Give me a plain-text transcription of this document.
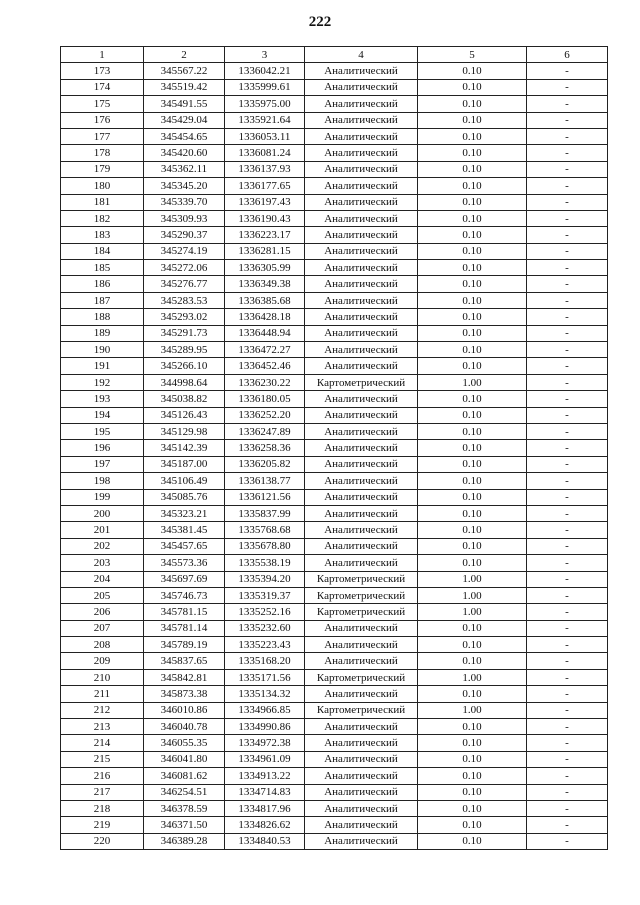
222
1	2	3	4	5	6
173	345567.22	1336042.21	Аналитический	0.10	-
174	345519.42	1335999.61	Аналитический	0.10	-
175	345491.55	1335975.00	Аналитический	0.10	-
176	345429.04	1335921.64	Аналитический	0.10	-
177	345454.65	1336053.11	Аналитический	0.10	-
178	345420.60	1336081.24	Аналитический	0.10	-
179	345362.11	1336137.93	Аналитический	0.10	-
180	345345.20	1336177.65	Аналитический	0.10	-
181	345339.70	1336197.43	Аналитический	0.10	-
182	345309.93	1336190.43	Аналитический	0.10	-
183	345290.37	1336223.17	Аналитический	0.10	-
184	345274.19	1336281.15	Аналитический	0.10	-
185	345272.06	1336305.99	Аналитический	0.10	-
186	345276.77	1336349.38	Аналитический	0.10	-
187	345283.53	1336385.68	Аналитический	0.10	-
188	345293.02	1336428.18	Аналитический	0.10	-
189	345291.73	1336448.94	Аналитический	0.10	-
190	345289.95	1336472.27	Аналитический	0.10	-
191	345266.10	1336452.46	Аналитический	0.10	-
192	344998.64	1336230.22	Картометрический	1.00	-
193	345038.82	1336180.05	Аналитический	0.10	-
194	345126.43	1336252.20	Аналитический	0.10	-
195	345129.98	1336247.89	Аналитический	0.10	-
196	345142.39	1336258.36	Аналитический	0.10	-
197	345187.00	1336205.82	Аналитический	0.10	-
198	345106.49	1336138.77	Аналитический	0.10	-
199	345085.76	1336121.56	Аналитический	0.10	-
200	345323.21	1335837.99	Аналитический	0.10	-
201	345381.45	1335768.68	Аналитический	0.10	-
202	345457.65	1335678.80	Аналитический	0.10	-
203	345573.36	1335538.19	Аналитический	0.10	-
204	345697.69	1335394.20	Картометрический	1.00	-
205	345746.73	1335319.37	Картометрический	1.00	-
206	345781.15	1335252.16	Картометрический	1.00	-
207	345781.14	1335232.60	Аналитический	0.10	-
208	345789.19	1335223.43	Аналитический	0.10	-
209	345837.65	1335168.20	Аналитический	0.10	-
210	345842.81	1335171.56	Картометрический	1.00	-
211	345873.38	1335134.32	Аналитический	0.10	-
212	346010.86	1334966.85	Картометрический	1.00	-
213	346040.78	1334990.86	Аналитический	0.10	-
214	346055.35	1334972.38	Аналитический	0.10	-
215	346041.80	1334961.09	Аналитический	0.10	-
216	346081.62	1334913.22	Аналитический	0.10	-
217	346254.51	1334714.83	Аналитический	0.10	-
218	346378.59	1334817.96	Аналитический	0.10	-
219	346371.50	1334826.62	Аналитический	0.10	-
220	346389.28	1334840.53	Аналитический	0.10	-
